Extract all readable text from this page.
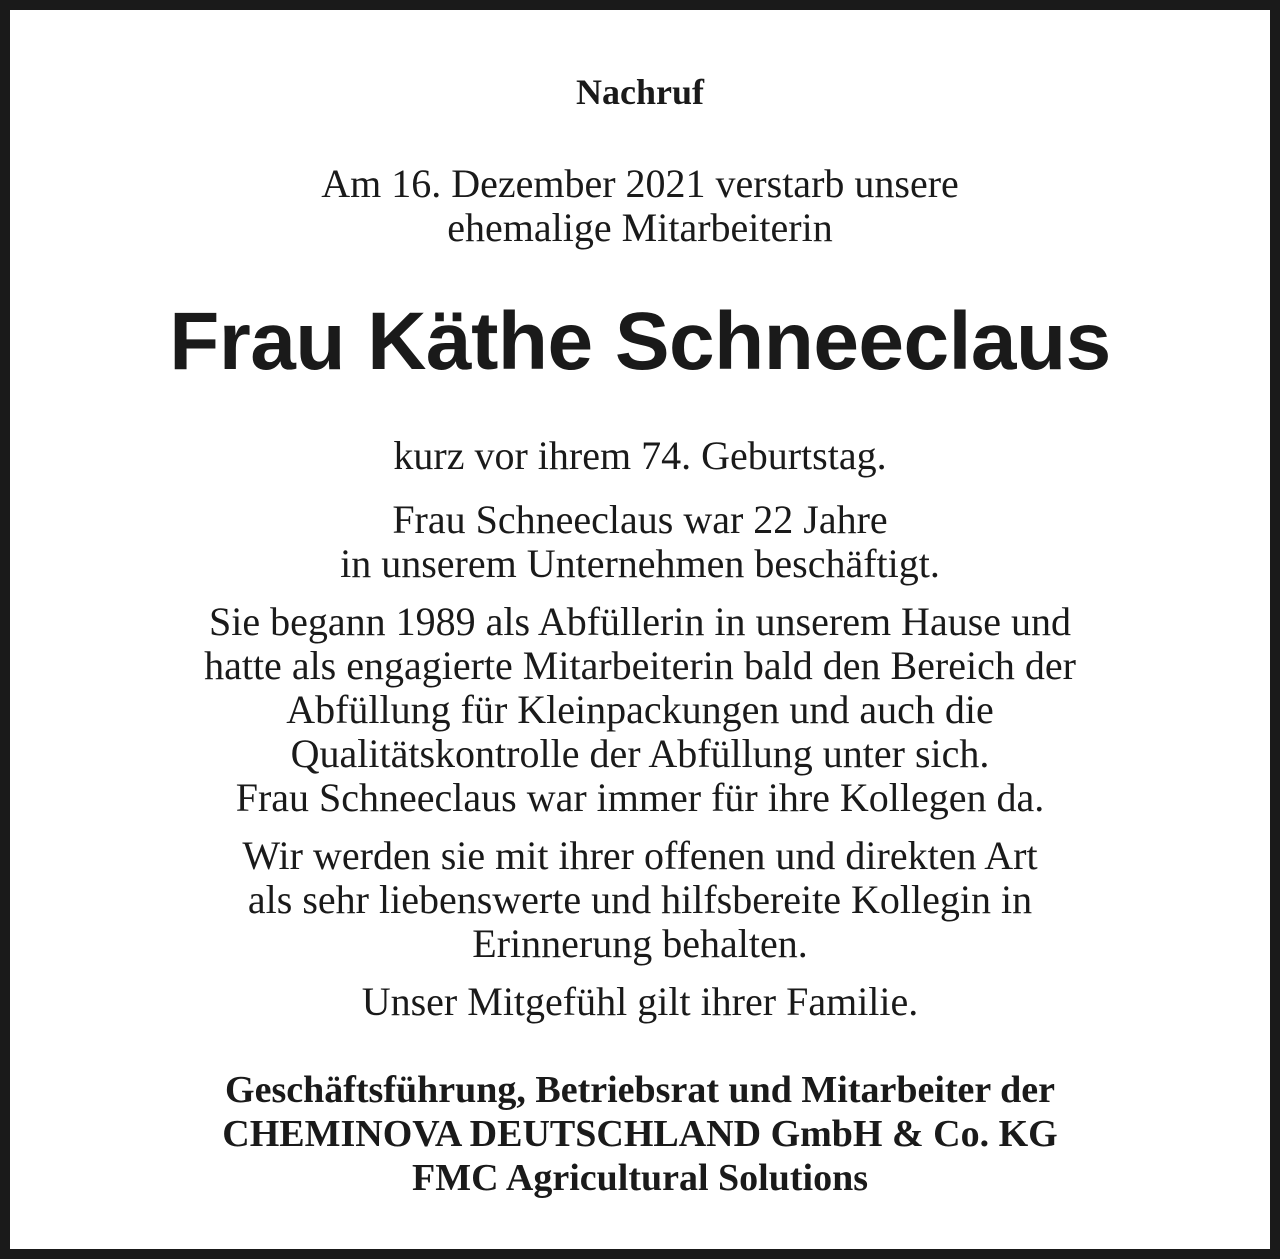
Nachruf

Am 16. Dezember 2021 verstarb unsere

ehemalige Mitarbeiterin

Frau Käthe Schneeclaus

kurz vor ihrem 74. Geburtstag.

Frau Schneeclaus war 22 Jahre

in unserem Unternehmen beschäftigt.

Sie begann 1989 als Abfüllerin in unserem Hause und

hatte als engagierte Mitarbeiterin bald den Bereich der

Abfüllung für Kleinpackungen und auch die

Qualitätskontrolle der Abfüllung unter sich.

Frau Schneeclaus war immer für ihre Kollegen da.

Wir werden sie mit ihrer offenen und direkten Art

als sehr liebenswerte und hilfsbereite Kollegin in

Erinnerung behalten.

Unser Mitgefühl gilt ihrer Familie.

Geschäftsführung, Betriebsrat und Mitarbeiter der

CHEMINOVA DEUTSCHLAND GmbH & Co. KG

FMC Agricultural Solutions
